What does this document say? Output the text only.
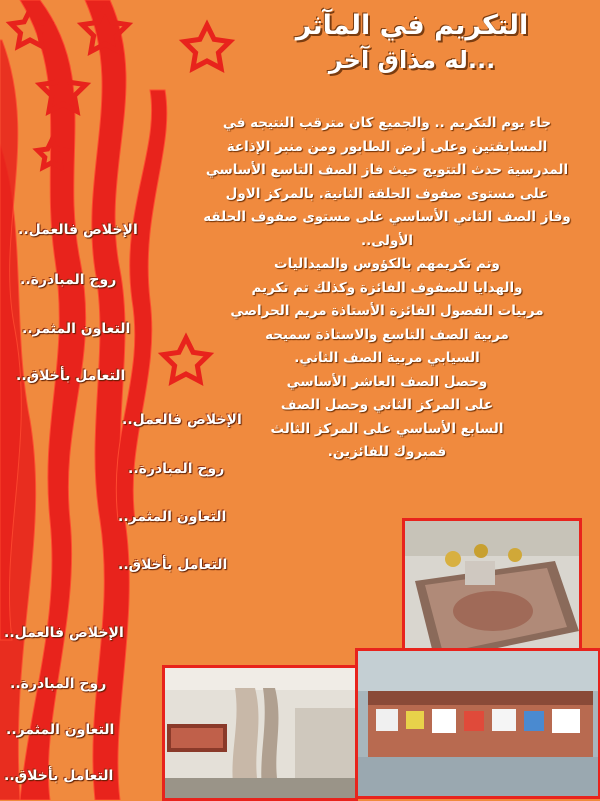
التكريم في المآثر
له مذاق آخر...

جاء يوم التكريم .. والجميع كان مترقب النتيجه في

المسابقتين وعلى أرض الطابور ومن منبر الإذاعة

المدرسية حدث التتويج حيث فاز الصف التاسع الأساسي

على مستوى صفوف الحلقة الثانية. بالمركز الاول

وفاز الصف الثاني الأساسي على مستوى صفوف الحلقه

الأولى..

وتم تكريمهم بالكؤوس والميداليات

والهدايا للصفوف الفائزة وكذلك تم تكريم

مربيات الفصول الفائزة الأستاذة مريم الحراصي

مربية الصف التاسع والاستاذة سميحه

السيابي مربية الصف الثاني.

وحصل الصف العاشر الأساسي

على المركز الثاني وحصل الصف

السابع الأساسي على المركز الثالث

فمبروك للفائزين.

الإخلاص فالعمل..
روح المبادرة..
التعاون المثمر..
التعامل بأخلاق..
الإخلاص فالعمل..
روح المبادرة..
التعاون المثمر..
التعامل بأخلاق..
الإخلاص فالعمل..
روح المبادرة..
التعاون المثمر..
التعامل بأخلاق..
